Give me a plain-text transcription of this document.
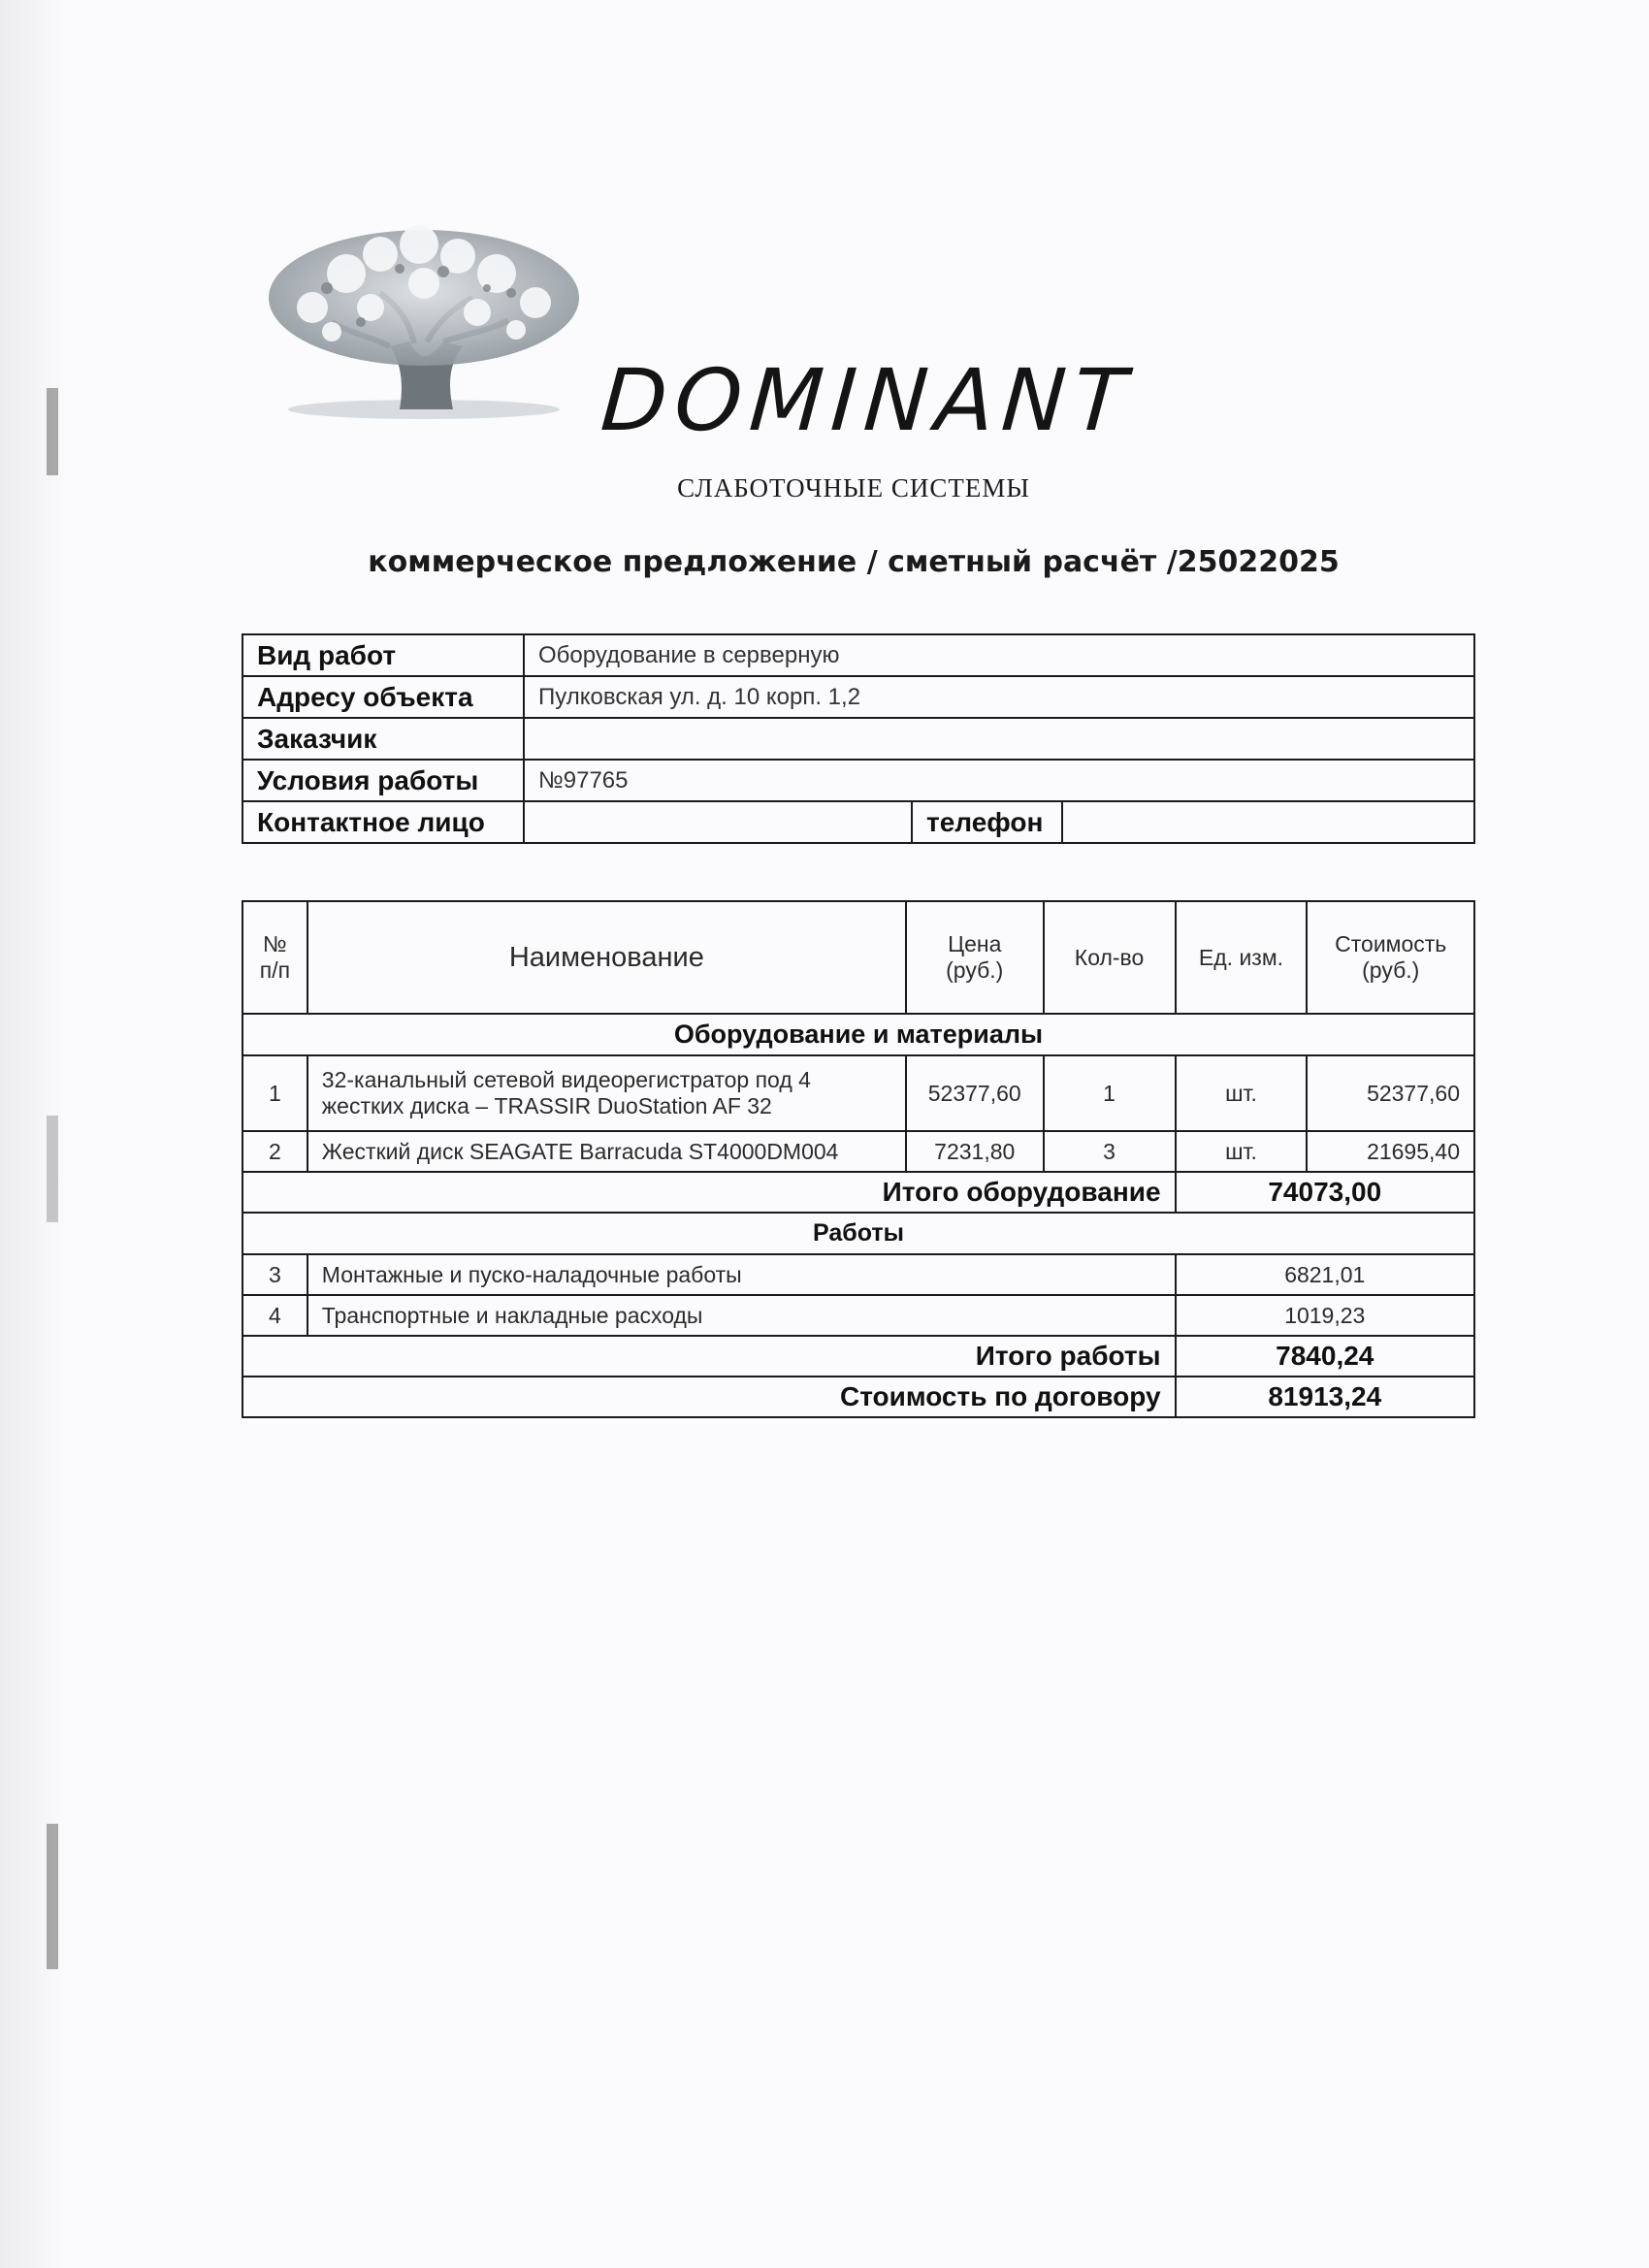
DOMINANT
СЛАБОТОЧНЫЕ СИСТЕМЫ
коммерческое предложение / сметный расчёт /25022025
Вид работ	Оборудование в серверную		
Адресу объекта	Пулковская ул. д. 10 корп. 1,2		
Заказчик			
Условия работы	№97765		
Контактное лицо		телефон	
№ п/п	Наименование	Цена (руб.)	Кол-во	Ед. изм.	Стоимость (руб.)
Оборудование и материалы					
1	32-канальный сетевой видеорегистратор под 4 жестких диска – TRASSIR DuoStation AF 32	52377,60	1	шт.	52377,60
2	Жесткий диск SEAGATE Barracuda ST4000DM004	7231,80	3	шт.	21695,40
Итого оборудование				74073,00	
Работы					
3	Монтажные и пуско-наладочные работы			6821,01	
4	Транспортные и накладные расходы			1019,23	
Итого работы				7840,24	
Стоимость по договору				81913,24	
